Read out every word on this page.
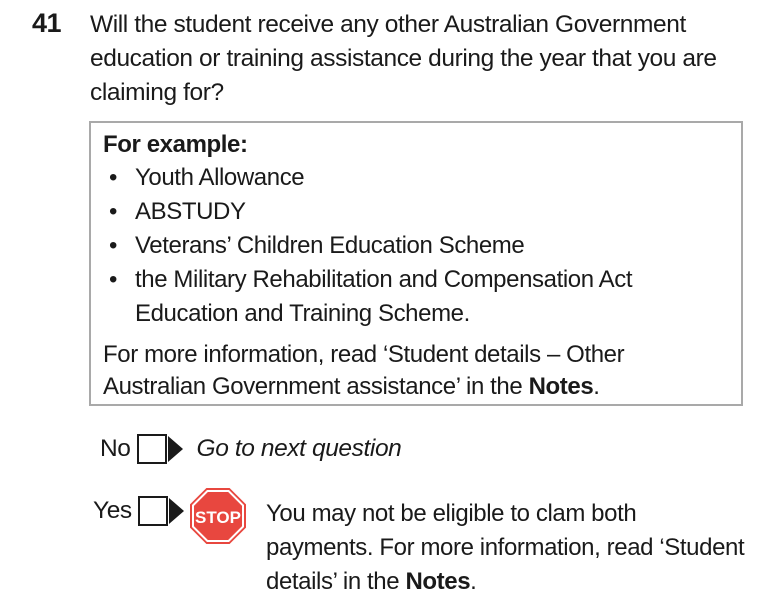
41 Will the student receive any other Australian Government education or training assistance during the year that you are claiming for?
For example:
• Youth Allowance
• ABSTUDY
• Veterans’ Children Education Scheme
• the Military Rehabilitation and Compensation Act Education and Training Scheme.
For more information, read ‘Student details – Other Australian Government assistance’ in the Notes.
No	Go to next question
Yes	STOP You may not be eligible to clam both payments. For more information, read ‘Student details’ in the Notes.
